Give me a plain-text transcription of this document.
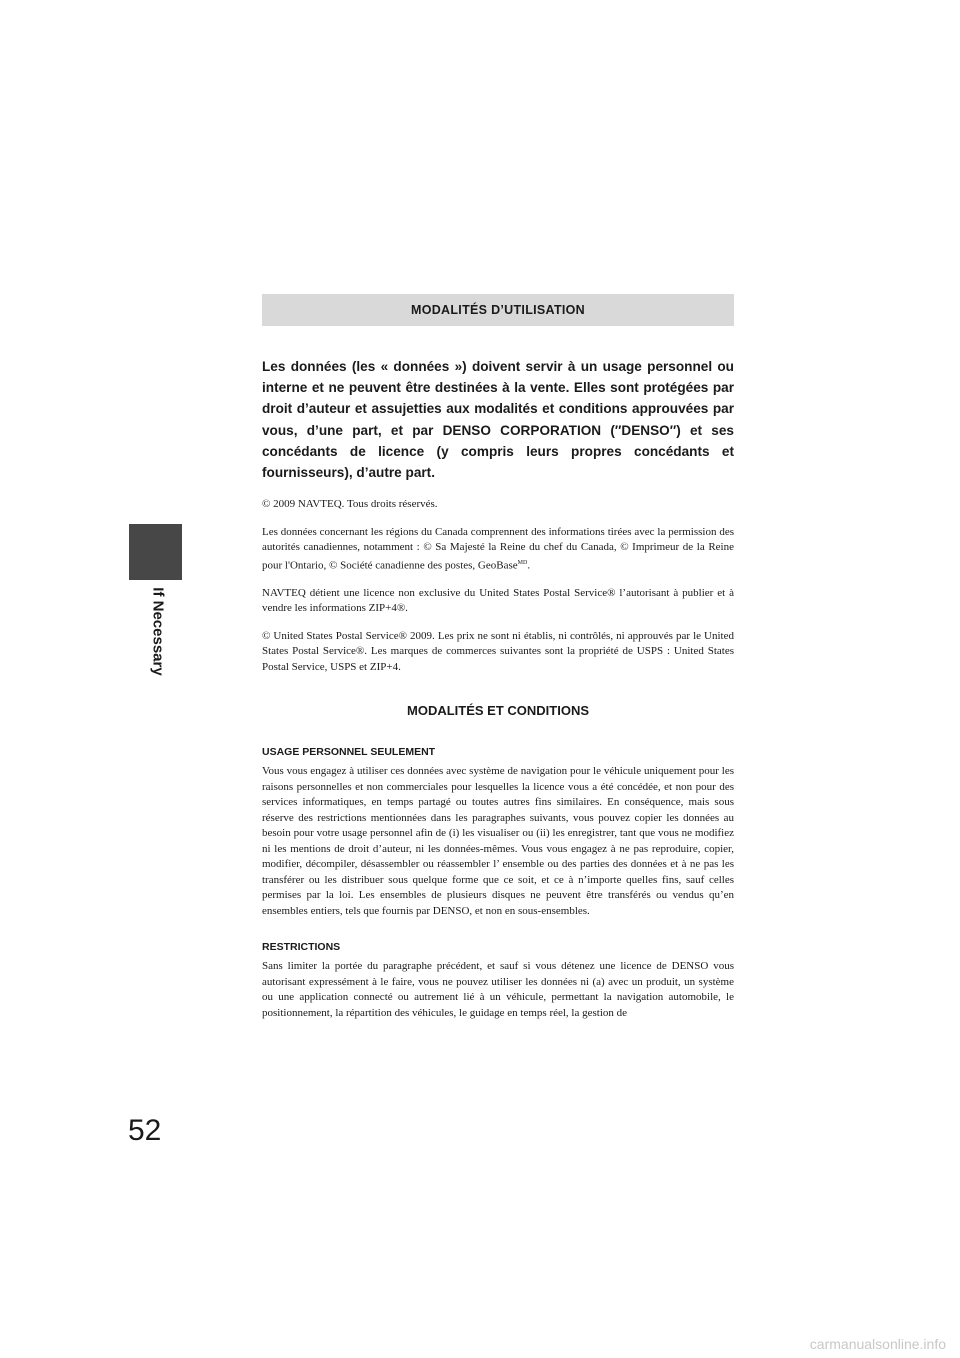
If Necessary
52
MODALITÉS D’UTILISATION

Les données (les « données ») doivent servir à un usage personnel ou interne et ne peuvent être destinées à la vente. Elles sont protégées par droit d’auteur et assujetties aux modalités et conditions approuvées par vous, d’une part, et par DENSO CORPORATION (″DENSO″) et ses concédants de licence (y compris leurs propres concédants et fournisseurs), d’autre part.

© 2009 NAVTEQ. Tous droits réservés.

Les données concernant les régions du Canada comprennent des informations tirées avec la permission des autorités canadiennes, notamment : © Sa Majesté la Reine du chef du Canada, © Imprimeur de la Reine pour l'Ontario, © Société canadienne des postes, GeoBase$^{MD}$.

NAVTEQ détient une licence non exclusive du United States Postal Service® l’autorisant à publier et à vendre les informations ZIP+4®.

© United States Postal Service® 2009. Les prix ne sont ni établis, ni contrôlés, ni approuvés par le United States Postal Service®. Les marques de commerces suivantes sont la propriété de USPS : United States Postal Service, USPS et ZIP+4.

MODALITÉS ET CONDITIONS

USAGE PERSONNEL SEULEMENT

Vous vous engagez à utiliser ces données avec système de navigation pour le véhicule uniquement pour les raisons personnelles et non commerciales pour lesquelles la licence vous a été concédée, et non pour des services informatiques, en temps partagé ou toutes autres fins similaires. En conséquence, mais sous réserve des restrictions mentionnées dans les paragraphes suivants, vous pouvez copier les données au besoin pour votre usage personnel afin de (i) les visualiser ou (ii) les enregistrer, tant que vous ne modifiez ni les mentions de droit d’auteur, ni les données-mêmes. Vous vous engagez à ne pas reproduire, copier, modifier, décompiler, désassembler ou réassembler l’ ensemble ou des parties des données et à ne pas les transférer ou les distribuer sous quelque forme que ce soit, et ce à n’importe quelles fins, sauf celles permises par la loi. Les ensembles de plusieurs disques ne peuvent être transférés ou vendus qu’en ensembles entiers, tels que fournis par DENSO, et non en sous-ensembles.

RESTRICTIONS

Sans limiter la portée du paragraphe précédent, et sauf si vous détenez une licence de DENSO vous autorisant expressément à le faire, vous ne pouvez utiliser les données ni (a) avec un produit, un système ou une application connecté ou autrement lié à un véhicule, permettant la navigation automobile, le positionnement, la répartition des véhicules, le guidage en temps réel, la gestion de

carmanualsonline.info
